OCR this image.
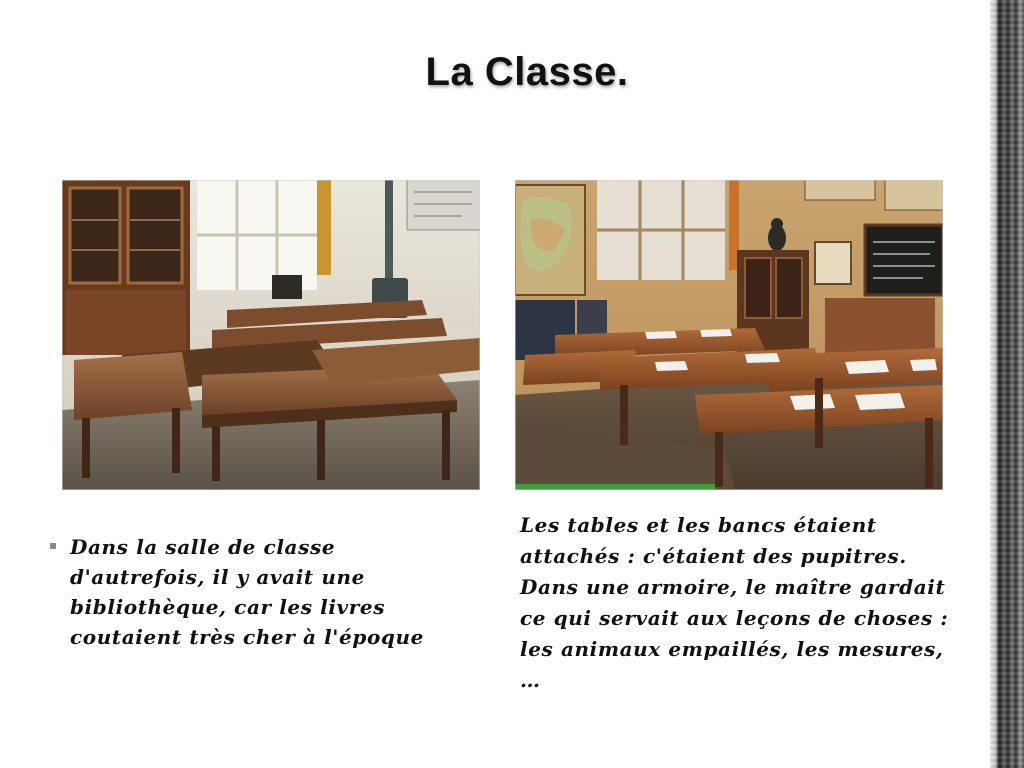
La Classe.
Dans la salle de classe d'autrefois, il y avait une bibliothèque, car les livres coutaient très cher à l'époque
Les tables et les bancs étaient attachés : c'étaient des pupitres. Dans une armoire, le maître gardait ce qui servait aux leçons de choses : les animaux empaillés, les mesures, …
